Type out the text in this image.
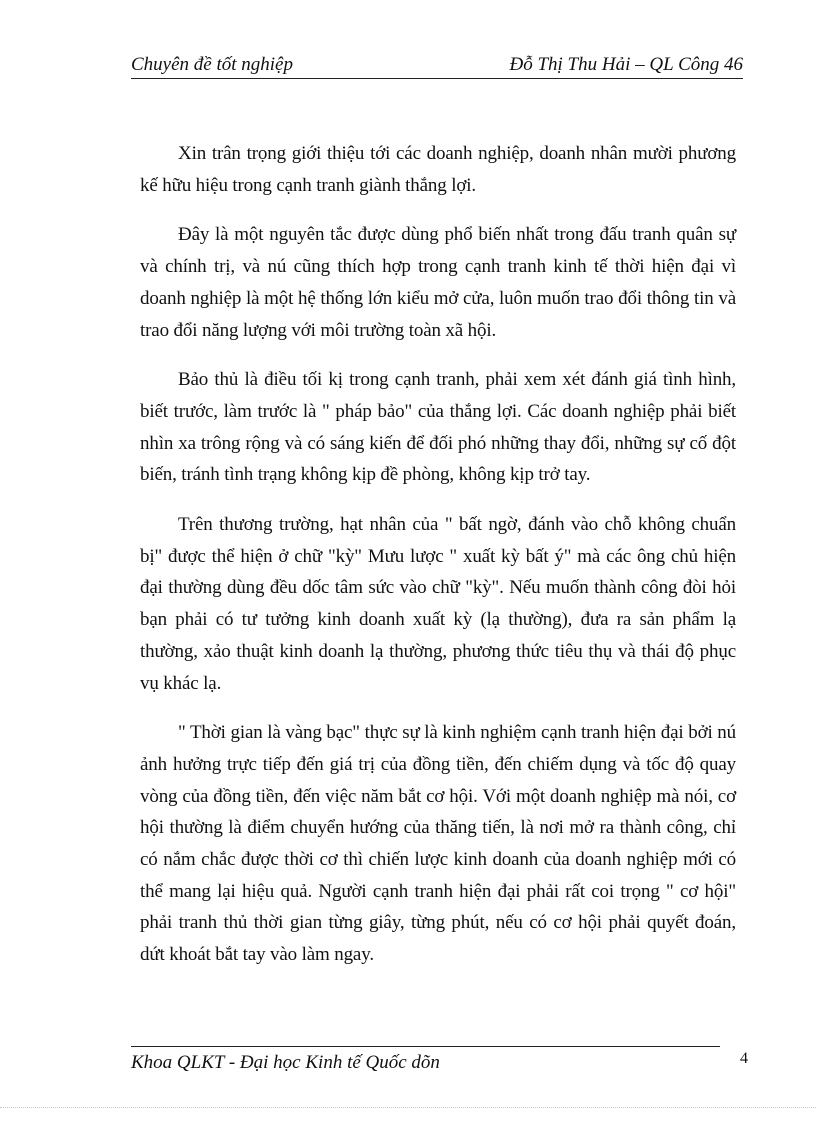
Chuyên đề tốt nghiệp	Đỗ Thị Thu Hải – QL Công 46

Xin trân trọng giới thiệu tới các doanh nghiệp, doanh nhân mười phương kế hữu hiệu trong cạnh tranh giành thắng lợi.

Đây là một nguyên tắc được dùng phổ biến nhất trong đấu tranh quân sự và chính trị, và nú cũng thích hợp trong cạnh tranh kinh tế thời hiện đại vì doanh nghiệp là một hệ thống lớn kiểu mở cửa, luôn muốn trao đổi thông tin và trao đổi năng lượng với môi trường toàn xã hội.

Bảo thủ là điều tối kị trong cạnh tranh, phải xem xét đánh giá tình hình, biết trước, làm trước là " pháp bảo" của thắng lợi. Các doanh nghiệp phải biết nhìn xa trông rộng và có sáng kiến để đối phó những thay đổi, những sự cố đột biến, tránh tình trạng không kịp đề phòng, không kịp trở tay.

Trên thương trường, hạt nhân của " bất ngờ, đánh vào chỗ không chuẩn bị" được thể hiện ở chữ "kỳ" Mưu lược " xuất kỳ bất ý" mà các ông chủ hiện đại thường dùng đều dốc tâm sức vào chữ "kỳ". Nếu muốn thành công đòi hỏi bạn phải có tư tưởng kinh doanh xuất kỳ (lạ thường), đưa ra sản phẩm lạ thường, xảo thuật kinh doanh lạ thường, phương thức tiêu thụ và thái độ phục vụ khác lạ.

" Thời gian là vàng bạc" thực sự là kinh nghiệm cạnh tranh hiện đại bởi nú ảnh hưởng trực tiếp đến giá trị của đồng tiền, đến chiếm dụng và tốc độ quay vòng của đồng tiền, đến việc năm bắt cơ hội. Với một doanh nghiệp mà nói, cơ hội thường là điểm chuyển hướng của thăng tiến, là nơi mở ra thành công, chỉ có nắm chắc được thời cơ thì chiến lược kinh doanh của doanh nghiệp mới có thể mang lại hiệu quả. Người cạnh tranh hiện đại phải rất coi trọng " cơ hội" phải tranh thủ thời gian từng giây, từng phút, nếu có cơ hội phải quyết đoán, dứt khoát bắt tay vào làm ngay.

Khoa QLKT - Đại học Kinh tế Quốc dõn	4
